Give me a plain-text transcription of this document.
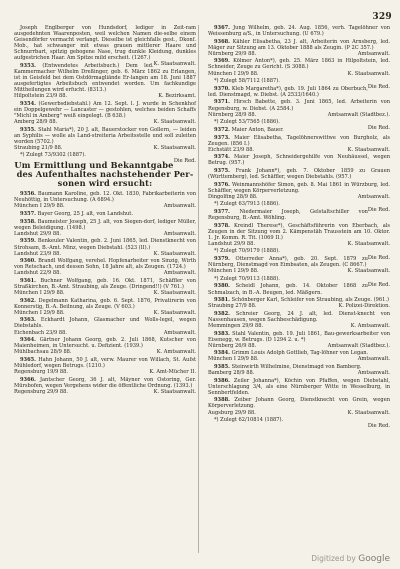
329
Joseph Englberger von Hundsdorf, lediger in Zeit-ram ausgedehnten Waarenposten, weil welchen Namen die-selbe einem Geisendörfer vermacht verlangt. Dieselbe ist gleichfalls gest., Dkonf. Mob., hat schwanger mit etwas grauen mittlerer Haare und Schnurrbart, spitzig gebogene Nase, trug dunkle Kleidung, dunkles aufgestrichen Haar. Am Spitze mild erscheit. (1267.)
K. Staatsanwalt.
9353. (Entwendetes Arbeitsbuch.) Dem led. Kammermacher Wilhelm Dreßinger, geb. 6. März 1862 zu Erlangen, ist in Geisfeld bei dem Ostdörmagliände Er-langen am 18. Juni 1887 ausgefertigtes Arbeitsbuch entwendet worden. Um fachkundige Mittheilungen wird erfucht. (8313.)
K. Bezirksamt.
Hilpoltstein 23/9 88.
9354. (Gewerbsdiebstahl.) Am 12. Sept. l. J. wurde in Schenkhof ein Doppelgewehr — Lancaster — gestohlen, welches beiden Schaffs "Michl in Amberg" weiß eingelegt. (B 638.)
K. Staatsanwalt.
Amberg 28/9 88.
9355. Stahl Maria*), 20 J. alt, Bauerstocker von Gollern, — leiden an Syphilis — wolle als Land-streiteria Arbeitsstelle und soll zuleiten worden (5702.)
K. Staatsanwalt.
Straubing 21/9 88.
*) Zulegt 73/9302 (1887).
Die Red.
Um Ermittlung und Bekanntgabe des Aufenthaltes nachstehender Per-sonen wird ersucht:
9356. Baumann Karoline, geb. 12. Okt. 1830, Fabrikarbeiterin von Neuhöttig, in Untersuchung. (A 6894.)
Amtsanwalt.
München I 29/9 88.
9357. Bayer Georg, 25 J. alt, von Landshut.
9358. Baumeister Joseph, 25 J. alt, von Siegen-dorf, lediger Müller, wegen Beleidigung. (1498.)
Amtsanwalt.
Landshut 29/9 88.
9359. Benkeuler Valentin, geb. 2. Juni 1865, led. Dienstknecht von Strohsam, B.-Amt. Minz, wegen Diebstahl. (523 (II).)
K. Staatsanwalt.
Landshut 23/9 88.
9360. Brandl Wolfgang, verehel. Hopfenarbeiter von Sinzig, Wirth von Retschach, und dessen Sohn, 18 Jahre alt, als Zeugen. (1724.)
Amtsanwalt.
Landshut 22/9 88.
9361. Buchner Wolfgang, geb. 16. Okt. 1871, Schäffler von Straßkirchen, B.-Amt. Straubing, als Zeuge. (Dringend!!) (V 761.)
K. Staatsanwalt.
München I 29/9 88.
9362. Degelmann Katharina, geb. 6. Sept. 1876, Privatirerin von Konnerstig, B.-A. Beilnung, als Zeuge. (V 603.)
K. Staatsanwalt.
München I 29/9 88.
9363. Eckhardt Johann, Glasmacher und Wolls-legel, wegen Diebstahls.
Amtsanwalt.
Eichenbach 23/9 88.
9364. Gärtner Johann Georg, geb. 2. Juli 1868, Kutscher von Maienheimen, in Untersucht. u. Defizient. (1939.)
K. Amtsanwalt.
Mühlbachsau 28/9 88.
9365. Hahn Johann, 50 J. alt, verw. Maurer von Willach, St. Aufst Mühledorf, wegen Betrugs. (1210.)
K. Amt-Mücher II.
Regensburg 19/9 88.
9366. Jantscher Georg, 36 J. alt, Mäyner von Ostoring, Ger. Mürsbofen, wegen Vergehens wider die öffentliche Ordnung. (1393.)
K. Staatsanwalt.
Regensburg 29/9 88.
9367. Jung Wilhelm, geb. 24. Aug. 1856, verh. Tagelöhner von Weissenburg a/S., in Untersuchung. (U 679.)
9368. Kähler Elisabetha, 23 J. alt, Arbeiterin von Arnsberg, led. Mäger zur Sitzung am 13. Oktober 1888 als Zeugin. (P 2C 357.)
Amtsanwalt.
Nürnberg 29/9 88.
9369. Kölmer Anton*), geb. 25. März 1863 in Hilpoltstein, led. Schneider, Zeuge zu Gericht. (S 3088.)
K. Staatsanwalt.
München I 29/9 88.
*) Zulegt 58/7112 (1887).
Die Red.
9370. Kleb Margaretha*), geb. 19. Juli 1864 zu Oberbuch, led. Dienstmagd, w. Diebst. (A 2533/1640.)
9371. Hirsch Babette, geb. 3. Juni 1865, led. Arbeiterin von Regensburg, w. Diebst. (A 2584.)
Amtsanwalt (Stadtbez.).
Nürnberg 28/9 88.
*) Zulegt 53/7565 (1886).
Die Red.
9372. Maier Anton, Bauer.
9373. Maier Elisabetha, Tagelöhnerswittwe von Burgholz, als Zeugen. (856 I.)
K. Staatsanwalt.
Eichstätt 23/9 88.
9374. Maier Joseph, Schneidergehilfe von Neuhäussel, wegen Betrug. (957.)
9375. Frank Johann*), geb. 7. Oktober 1859 zu Grauen (Württemberg), led. Schäffler, wegen Diebstahls. (957.)
9376. Weinmannshöfer Simon, geb. 8. Mai 1861 in Würzburg, led. Schäffler, wegen Körperverletzung.
Amtsanwalt.
Dingolfing 28/9 88.
*) Zulegt 63/7913 (1886).
Die Red.
9377. Niedermaier Joseph, Gelstaltschiller von Regensburg, B.-Amt. Wöhling.
9378. Kreindl Therese*), Geschäftsführerin von Eberbach, als Zeugen in der Sitzung vom 2. Kämpenstäh Trausstein am 10. Oktor. 1. Jr. Komm. R. Tit. (1069 II.)
K. Staatsanwalt.
Landshut 29/9 88.
*) Zulegt 70/9179 (1888).
Die Red.
9379. Otterreder Anna*), geb. 20. Sept. 1879 zu Nürnberg, Dienstmagd von Eimbsaten, als Zeugen. (C 8667.)
K. Staatsanwalt.
München I 29/9 88.
*) Zulegt 70/9113 (1888).
Die Red.
9380. Scheidl Johann, geb. 14. Oktober 1868 zu Schmalzach, in B.-A. Beugen, led. Mäßgern.
9381. Schönberger Karl, Schleifer von Straubing, als Zeuge. (961.)
K. Polizei-Direktion.
Straubing 27/9 88.
9382. Schreier Georg, 24 J. alt, led. Dienst-knecht von Nassenhausen, wegen Sachbeschädigung.
K. Amtsanwalt.
Memmingen 29/9 88.
9383. Stahl Valentin, geb. 19. Juli 1861, Bau-gewerksarbeiter von Eisenegg, w. Betrugs. (D 1294 2. u. *)
Amtsanwalt (Stadtbez.).
Nürnberg 26/9 88.
9384. Grimm Louis Adolph Gottlieb, Tag-löhner von Legan.
Amtsanwalt.
München I 29/9 88.
9385. Steinwirth Wilhelmine, Dienstmagd von Bamberg.
Amtsanwalt.
Bamberg 28/9 88.
9386. Zeiler Johanna*), Köchin von Pfaffen, wegen Diebstahl, Unterschlagung 3/4, als eine Nürnberger Witte in Wesselburg, in Sennbertfelden.
9388. Zeiber Johann Georg, Dienstknecht von Grein, wegen Körperverletzung.
K. Staatsanwalt.
Augsburg 29/9 88.
*) Zulegt 62/10814 (1887).
Die Red.
Digitized by Google
